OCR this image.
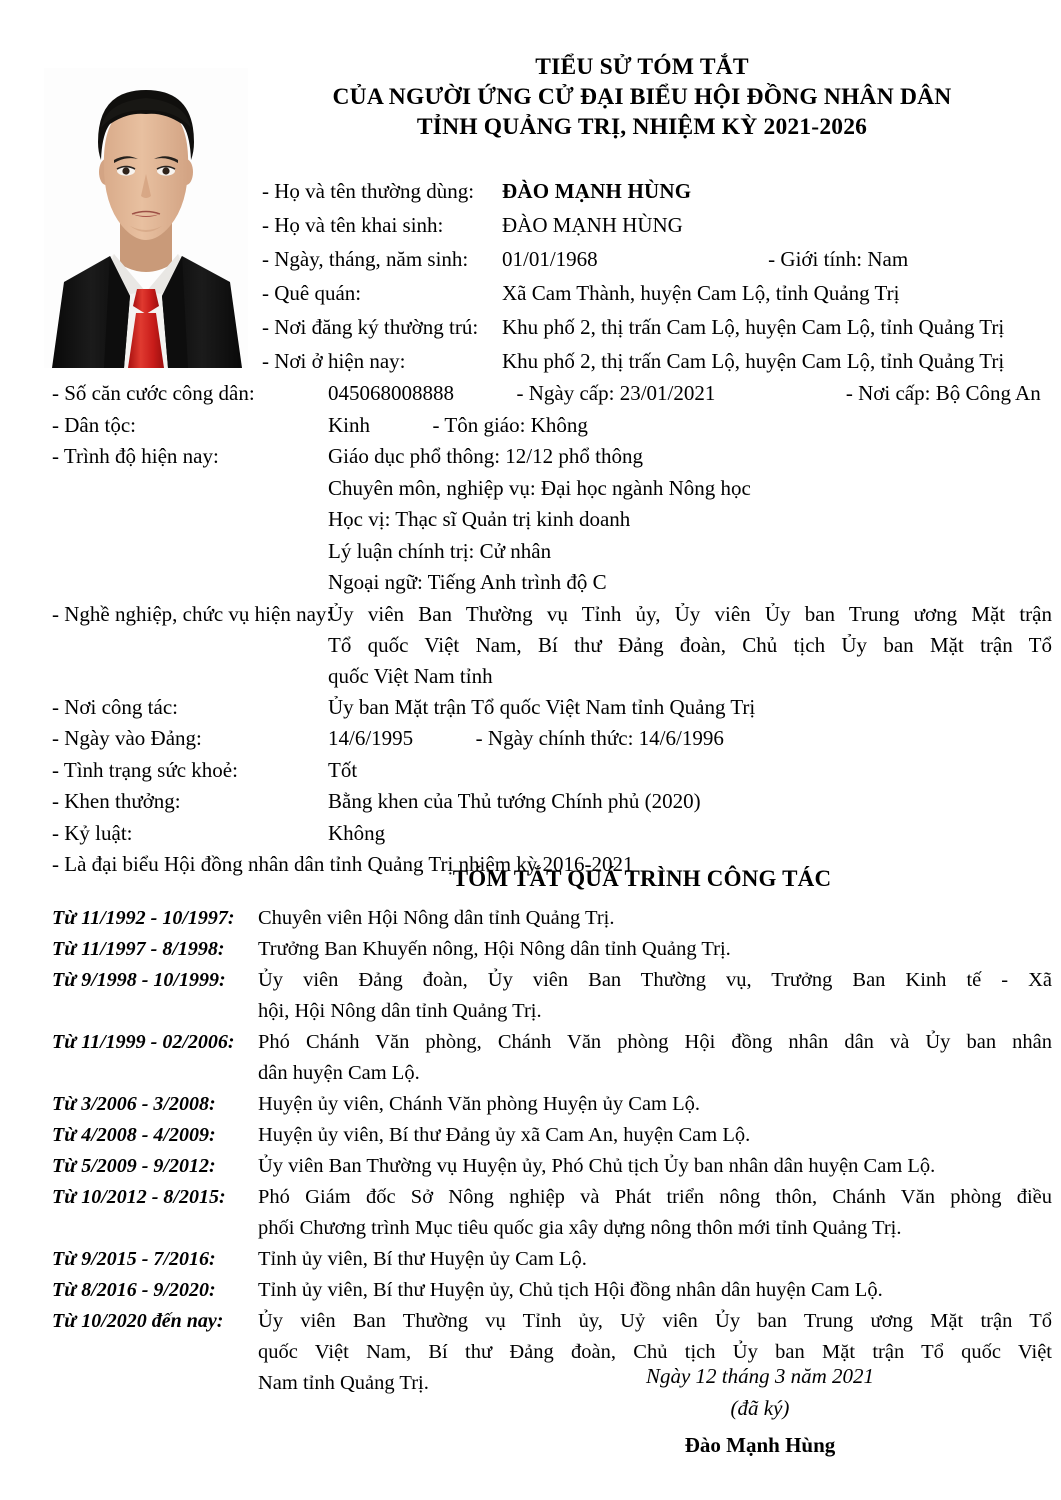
TIỂU SỬ TÓM TẮT
CỦA NGƯỜI ỨNG CỬ ĐẠI BIỂU HỘI ĐỒNG NHÂN DÂN
TỈNH QUẢNG TRỊ, NHIỆM KỲ 2021-2026
- Họ và tên thường dùng:	ĐÀO MẠNH HÙNG
- Họ và tên khai sinh:	ĐÀO MẠNH HÙNG
- Ngày, tháng, năm sinh:	01/01/1968	- Giới tính: Nam
- Quê quán:	Xã Cam Thành, huyện Cam Lộ, tỉnh Quảng Trị
- Nơi đăng ký thường trú:	Khu phố 2, thị trấn Cam Lộ, huyện Cam Lộ, tỉnh Quảng Trị
- Nơi ở hiện nay:	Khu phố 2, thị trấn Cam Lộ, huyện Cam Lộ, tỉnh Quảng Trị
- Số căn cước công dân:	045068008888	- Ngày cấp: 23/01/2021	- Nơi cấp: Bộ Công An
- Dân tộc:	Kinh	- Tôn giáo: Không
- Trình độ hiện nay:	Giáo dục phổ thông: 12/12 phổ thông
Chuyên môn, nghiệp vụ: Đại học ngành Nông học
Học vị: Thạc sĩ Quản trị kinh doanh
Lý luận chính trị: Cử nhân
Ngoại ngữ: Tiếng Anh trình độ C
- Nghề nghiệp, chức vụ hiện nay:
Ủy viên Ban Thường vụ Tỉnh ủy, Ủy viên Ủy ban Trung ương Mặt trận
Tổ quốc Việt Nam, Bí thư Đảng đoàn, Chủ tịch Ủy ban Mặt trận Tổ
quốc Việt Nam tỉnh
- Nơi công tác:	Ủy ban Mặt trận Tổ quốc Việt Nam tỉnh Quảng Trị
- Ngày vào Đảng:	14/6/1995	- Ngày chính thức: 14/6/1996
- Tình trạng sức khoẻ:	Tốt
- Khen thưởng:	Bằng khen của Thủ tướng Chính phủ (2020)
- Kỷ luật:	Không
- Là đại biểu Hội đồng nhân dân tỉnh Quảng Trị nhiệm kỳ 2016-2021
TÓM TẮT QUÁ TRÌNH CÔNG TÁC
Từ 11/1992 - 10/1997:	Chuyên viên Hội Nông dân tỉnh Quảng Trị.
Từ 11/1997 - 8/1998:	Trưởng Ban Khuyến nông, Hội Nông dân tỉnh Quảng Trị.
Từ 9/1998 - 10/1999:	Ủy viên Đảng đoàn, Ủy viên Ban Thường vụ, Trưởng Ban Kinh tế - Xã
hội, Hội Nông dân tỉnh Quảng Trị.
Từ 11/1999 - 02/2006:	Phó Chánh Văn phòng, Chánh Văn phòng Hội đồng nhân dân và Ủy ban nhân
dân huyện Cam Lộ.
Từ 3/2006 - 3/2008:	Huyện ủy viên, Chánh Văn phòng Huyện ủy Cam Lộ.
Từ 4/2008 - 4/2009:	Huyện ủy viên, Bí thư Đảng ủy xã Cam An, huyện Cam Lộ.
Từ 5/2009 - 9/2012:	Ủy viên Ban Thường vụ Huyện ủy, Phó Chủ tịch Ủy ban nhân dân huyện Cam Lộ.
Từ 10/2012 - 8/2015:	Phó Giám đốc Sở Nông nghiệp và Phát triển nông thôn, Chánh Văn phòng điều
phối Chương trình Mục tiêu quốc gia xây dựng nông thôn mới tỉnh Quảng Trị.
Từ 9/2015 - 7/2016:	Tỉnh ủy viên, Bí thư Huyện ủy Cam Lộ.
Từ 8/2016 - 9/2020:	Tỉnh ủy viên, Bí thư Huyện ủy, Chủ tịch Hội đồng nhân dân huyện Cam Lộ.
Từ 10/2020 đến nay:	Ủy viên Ban Thường vụ Tỉnh ủy, Uỷ viên Ủy ban Trung ương Mặt trận Tổ
quốc Việt Nam, Bí thư Đảng đoàn, Chủ tịch Ủy ban Mặt trận Tổ quốc Việt
Nam tỉnh Quảng Trị.	Ngày 12 tháng 3 năm 2021
(đã ký)
Đào Mạnh Hùng
